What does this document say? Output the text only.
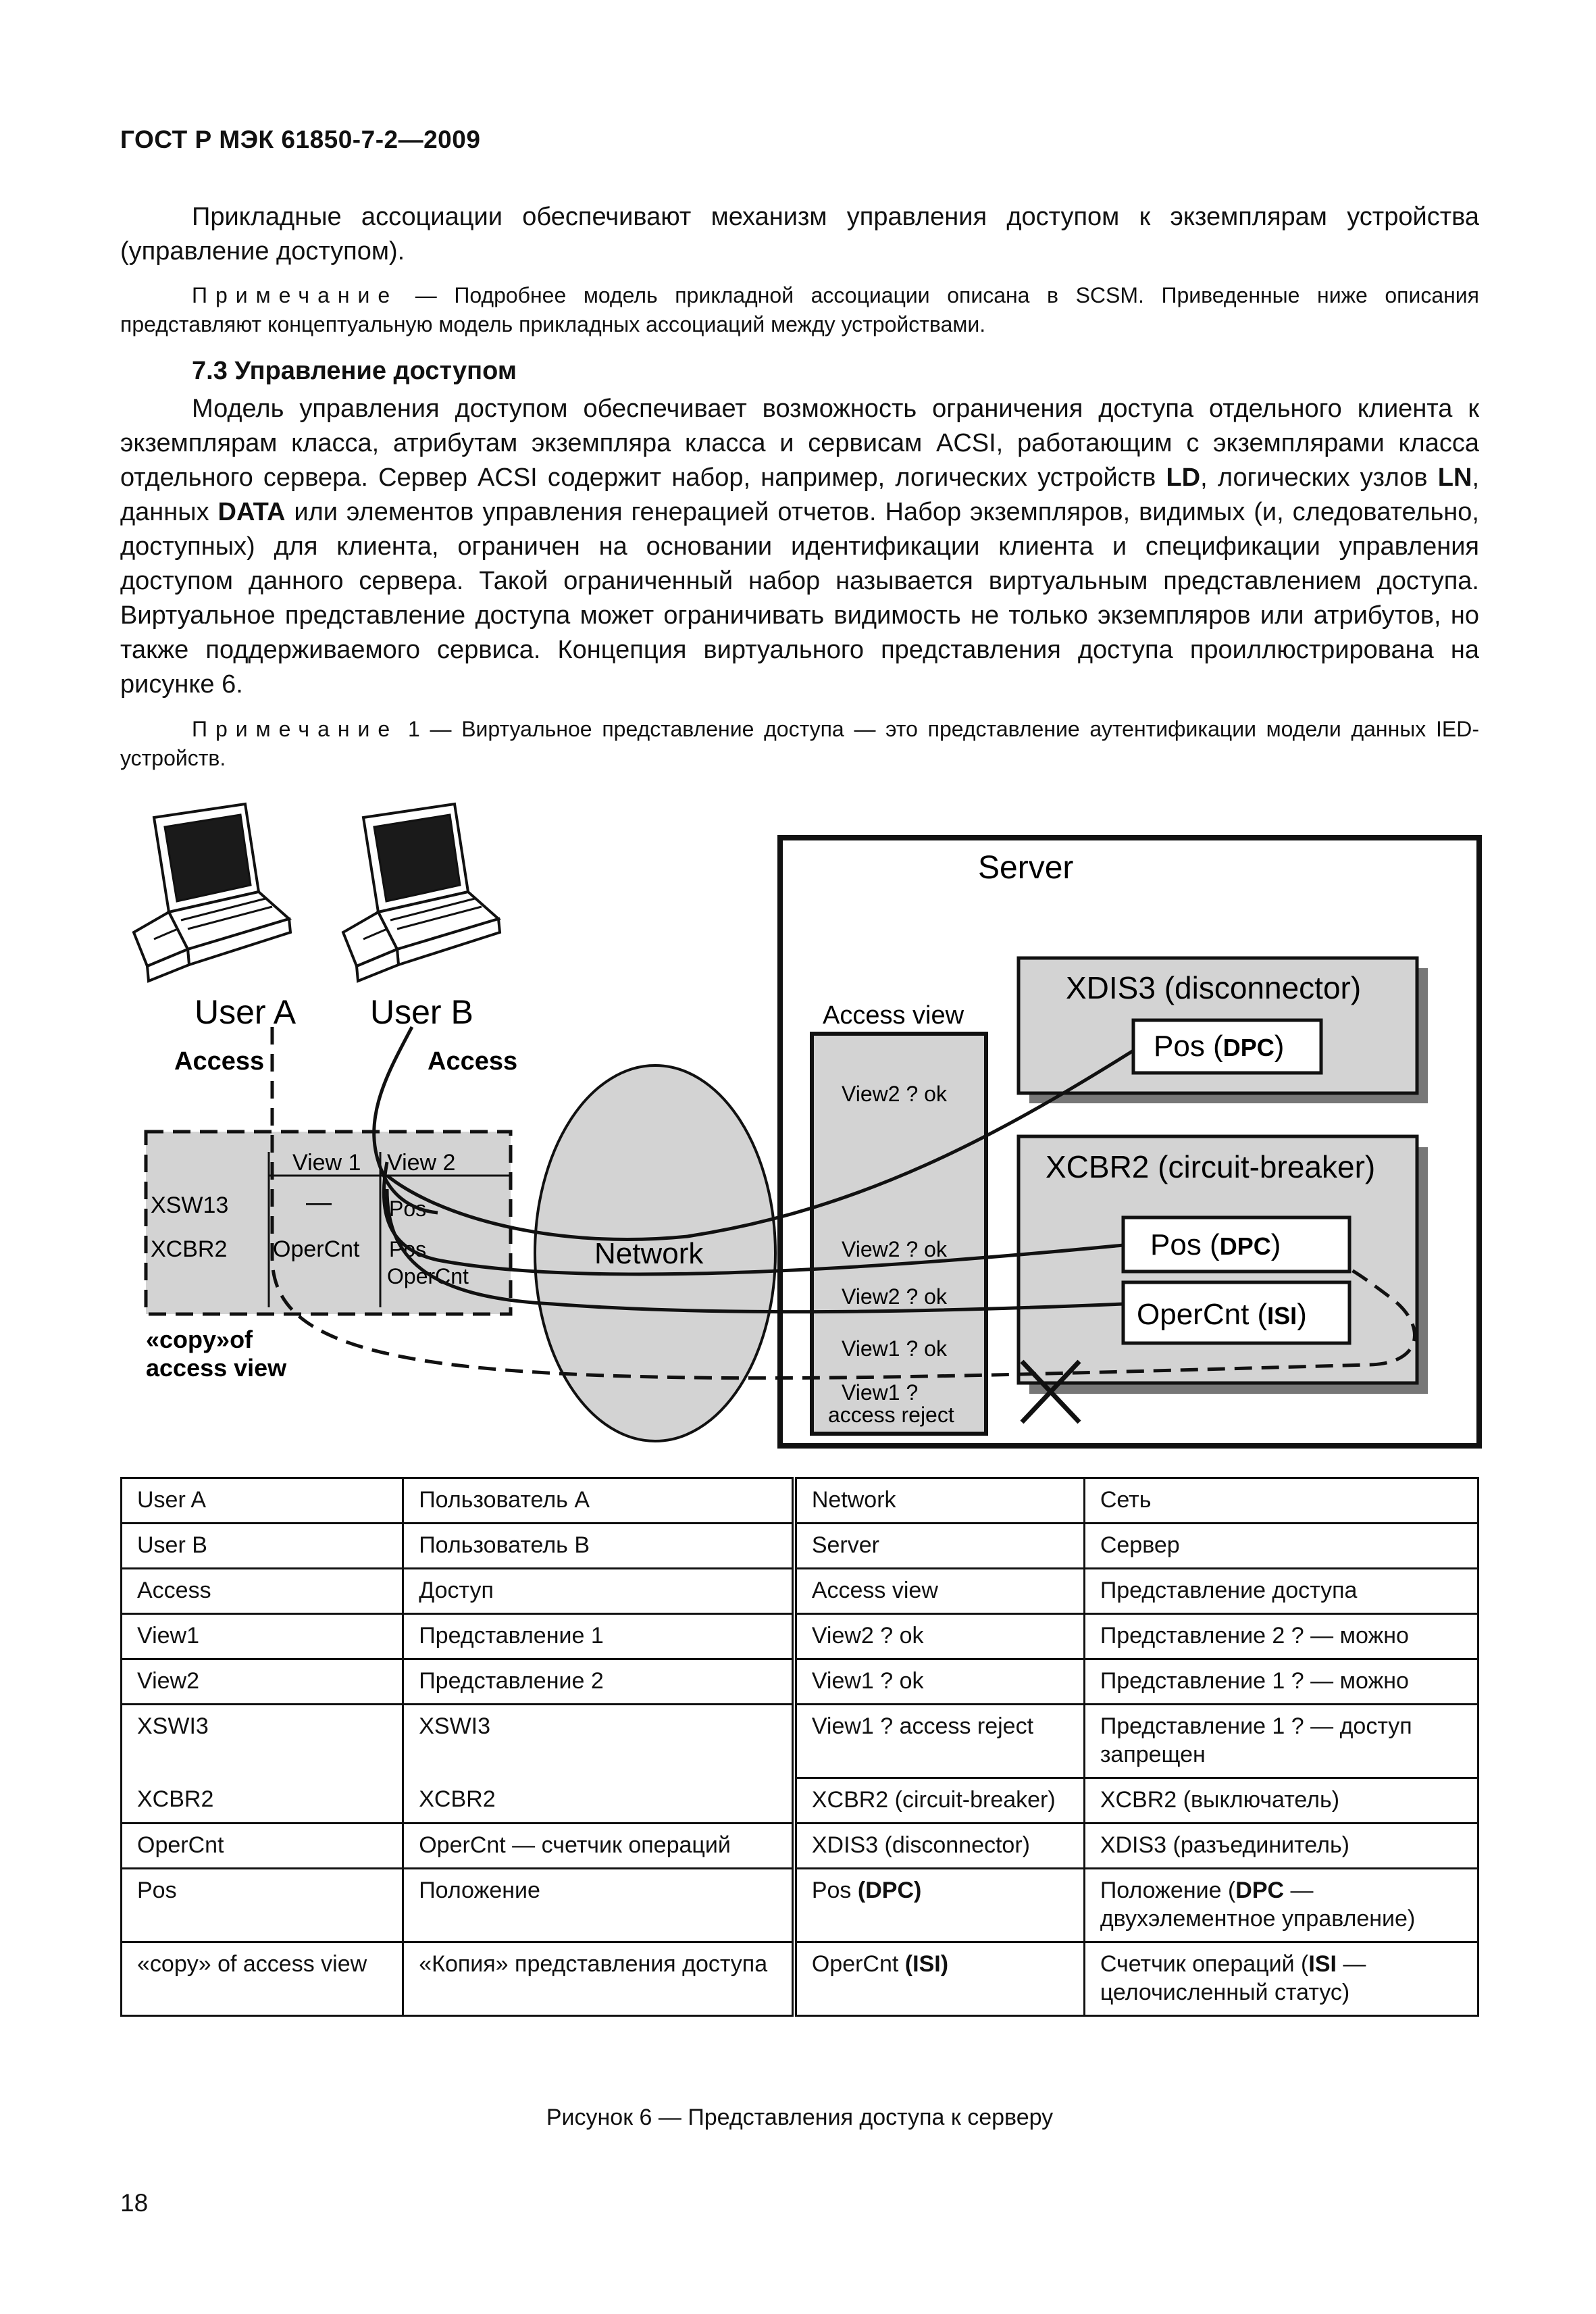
ГОСТ Р МЭК 61850-7-2—2009
Прикладные ассоциации обеспечивают механизм управления доступом к экземплярам устройства (управление доступом).
Примечание — Подробнее модель прикладной ассоциации описана в SCSM. Приведенные ниже описания представляют концептуальную модель прикладных ассоциаций между устройствами.
7.3 Управление доступом
Модель управления доступом обеспечивает возможность ограничения доступа отдельного клиента к экземплярам класса, атрибутам экземпляра класса и сервисам ACSI, работающим с экземплярами класса отдельного сервера. Сервер ACSI содержит набор, например, логических устройств LD, логических узлов LN, данных DATA или элементов управления генерацией отчетов. Набор экземпляров, видимых (и, следовательно, доступных) для клиента, ограничен на основании идентификации клиента и спецификации управления доступом данного сервера. Такой ограниченный набор называется виртуальным представлением доступа. Виртуальное представление доступа может ограничивать видимость не только экземпляров или атрибутов, но также поддерживаемого сервиса. Концепция виртуального представления доступа проиллюстрирована на рисунке 6.
Примечание 1 — Виртуальное представление доступа — это представление аутентификации модели данных IED-устройств.
User A User B
Access	Access
View 1 View 2
XSW13
XCBR2
—	Pos
OperCnt Pos
OperCnt
«copy»of
access view
Network
Server
Access view
View2 ? ok
View2 ? ok
View2 ? ok
View1 ? ok
View1 ?
access reject
XDIS3 (disconnector)
Pos (DPC)
XCBR2 (circuit-breaker)
Pos (DPC)
OperCnt (ISI)
User A	Пользователь А	Network	Сеть
User B	Пользователь В	Server	Сервер
Access	Доступ	Access view	Представление доступа
View1	Представление 1	View2 ? ok	Представление 2 ? — можно
View2	Представление 2	View1 ? ok	Представление 1 ? — можно
XSWI3	XSWI3	View1 ? access reject	Представление 1 ? — доступ запрещен
XCBR2	XCBR2	XCBR2 (circuit-breaker)	XCBR2 (выключатель)
OperCnt	OperCnt — счетчик операций	XDIS3 (disconnector)	XDIS3 (разъединитель)
Pos	Положение	Pos (DPC)	Положение (DPC — двухэлементное управление)
«copy» of access view	«Копия» представления доступа	OperCnt (ISI)	Счетчик операций (ISI — целочисленный статус)
Рисунок 6 — Представления доступа к серверу
18
